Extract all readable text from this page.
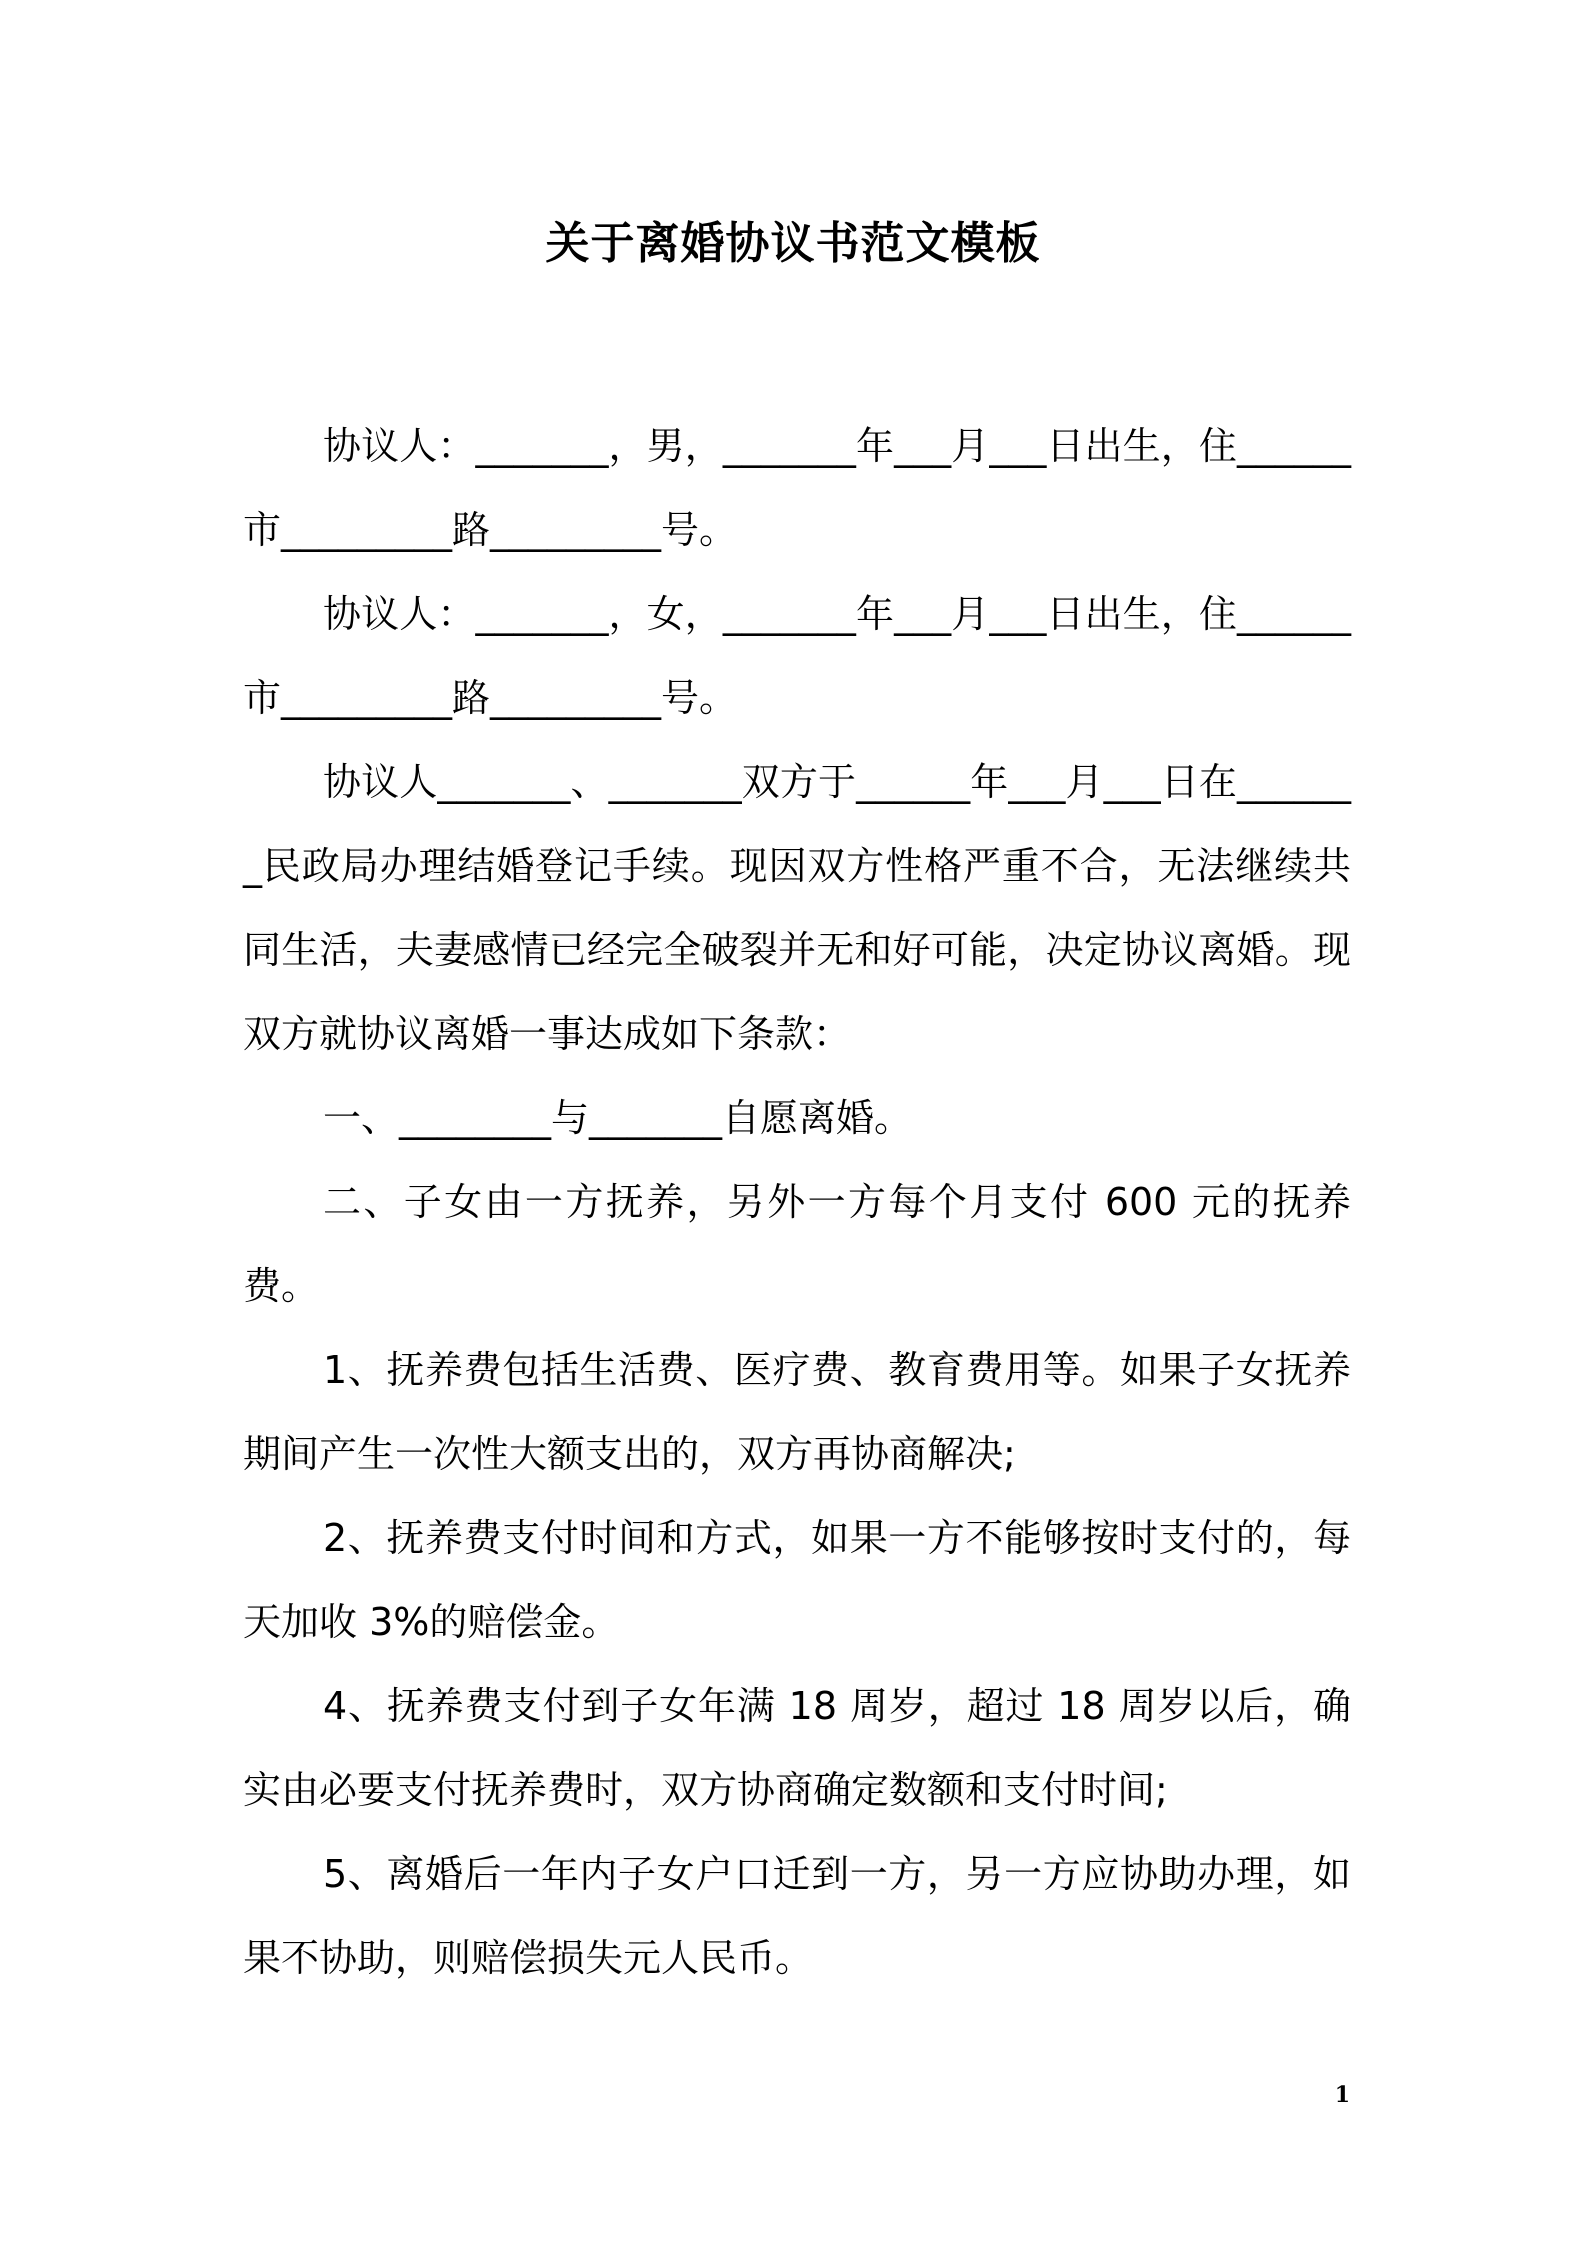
关于离婚协议书范文模板

协议人：_______，男，_______年___月___日出生，住______市_________路_________号。

协议人：_______，女，_______年___月___日出生，住______市_________路_________号。

协议人_______、_______双方于______年___月___日在_______民政局办理结婚登记手续。现因双方性格严重不合，无法继续共同生活，夫妻感情已经完全破裂并无和好可能，决定协议离婚。现双方就协议离婚一事达成如下条款：

一、________与_______自愿离婚。

二、子女由一方抚养，另外一方每个月支付 600 元的抚养费。

1、抚养费包括生活费、医疗费、教育费用等。如果子女抚养期间产生一次性大额支出的，双方再协商解决;

2、抚养费支付时间和方式，如果一方不能够按时支付的，每天加收 3%的赔偿金。

4、抚养费支付到子女年满 18 周岁，超过 18 周岁以后，确实由必要支付抚养费时，双方协商确定数额和支付时间;

5、离婚后一年内子女户口迁到一方，另一方应协助办理，如果不协助，则赔偿损失元人民币。

1
